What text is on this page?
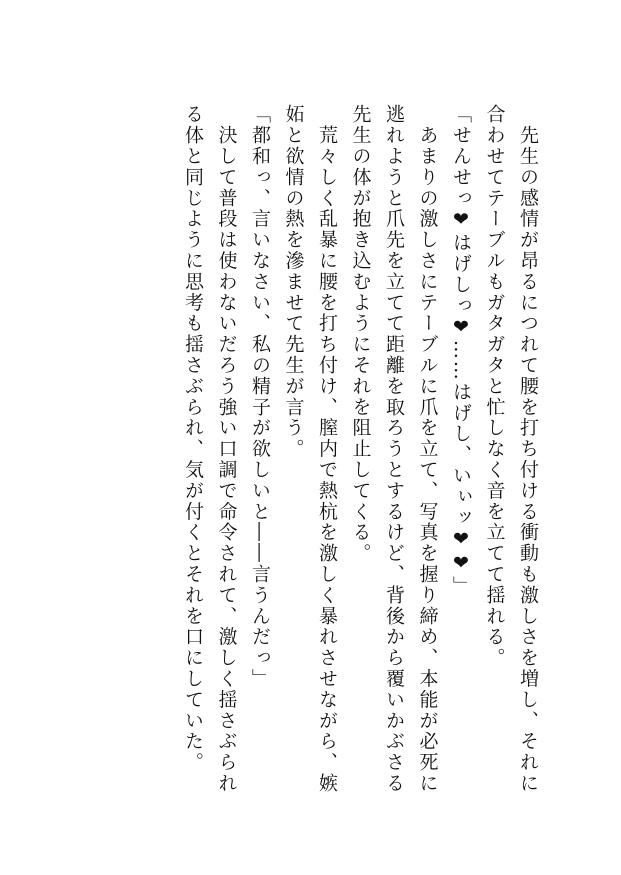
　先生の感情が昂るにつれて腰を打ち付ける衝動も激しさを増し、それに
合わせてテーブルもガタガタと忙しなく音を立てて揺れる。
「せんせっ❤はげしっ❤……はげし、いぃッ❤❤」
　あまりの激しさにテーブルに爪を立て、写真を握り締め、本能が必死に
逃れようと爪先を立てて距離を取ろうとするけど、背後から覆いかぶさる
先生の体が抱き込むようにそれを阻止してくる。
　荒々しく乱暴に腰を打ち付け、膣内で熱杭を激しく暴れさせながら、嫉
妬と欲情の熱を滲ませて先生が言う。
「都和っ、言いなさい、私の精子が欲しいと――言うんだっ」
　決して普段は使わないだろう強い口調で命令されて、激しく揺さぶられ
る体と同じように思考も揺さぶられ、気が付くとそれを口にしていた。
